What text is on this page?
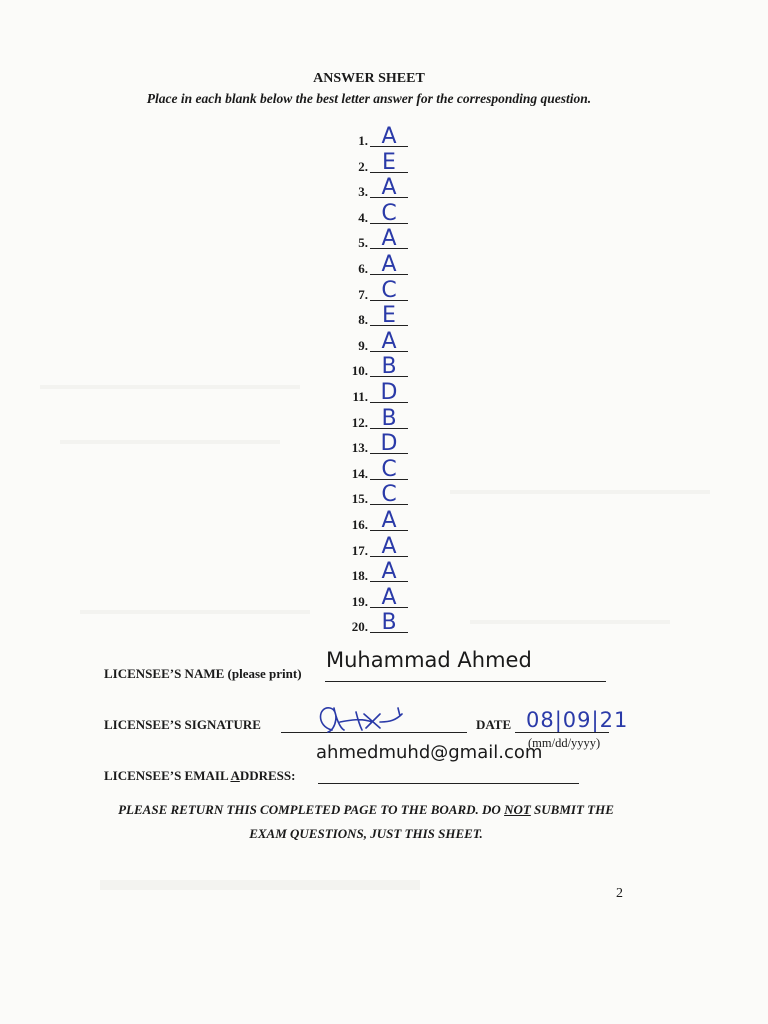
ANSWER SHEET
Place in each blank below the best letter answer for the corresponding question.
1. A
2. E
3. A
4. C
5. A
6. A
7. C
8. E
9. A
10. B
11. D
12. B
13. D
14. C
15. C
16. A
17. A
18. A
19. A
20. B
LICENSEE’S NAME (please print)
Muhammad Ahmed
LICENSEE’S SIGNATURE	DATE 08|09|21
(mm/dd/yyyy)
ahmedmuhd@gmail.com
LICENSEE’S EMAIL ADDRESS:
PLEASE RETURN THIS COMPLETED PAGE TO THE BOARD. DO NOT SUBMIT THE
EXAM QUESTIONS, JUST THIS SHEET.
2
